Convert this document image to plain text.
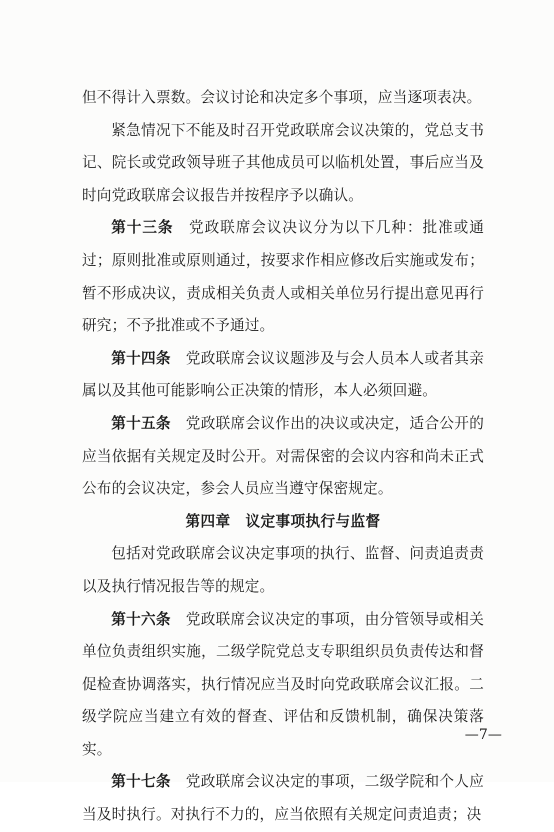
但不得计入票数。会议讨论和决定多个事项，应当逐项表决。

紧急情况下不能及时召开党政联席会议决策的，党总支书记、院长或党政领导班子其他成员可以临机处置，事后应当及时向党政联席会议报告并按程序予以确认。

第十三条　 党政联席会议决议分为以下几种：批准或通过；原则批准或原则通过，按要求作相应修改后实施或发布；暂不形成决议，责成相关负责人或相关单位另行提出意见再行研究；不予批准或不予通过。

第十四条　 党政联席会议议题涉及与会人员本人或者其亲属以及其他可能影响公正决策的情形，本人必须回避。

第十五条　 党政联席会议作出的决议或决定，适合公开的应当依据有关规定及时公开。对需保密的会议内容和尚未正式公布的会议决定，参会人员应当遵守保密规定。

第四章　议定事项执行与监督

包括对党政联席会议决定事项的执行、监督、问责追责责以及执行情况报告等的规定。

第十六条　 党政联席会议决定的事项，由分管领导或相关单位负责组织实施，二级学院党总支专职组织员负责传达和督促检查协调落实，执行情况应当及时向党政联席会议汇报。二级学院应当建立有效的督查、评估和反馈机制，确保决策落实。

第十七条　 党政联席会议决定的事项，二级学院和个人应当及时执行。对执行不力的，应当依照有关规定问责追责；决

—7—
